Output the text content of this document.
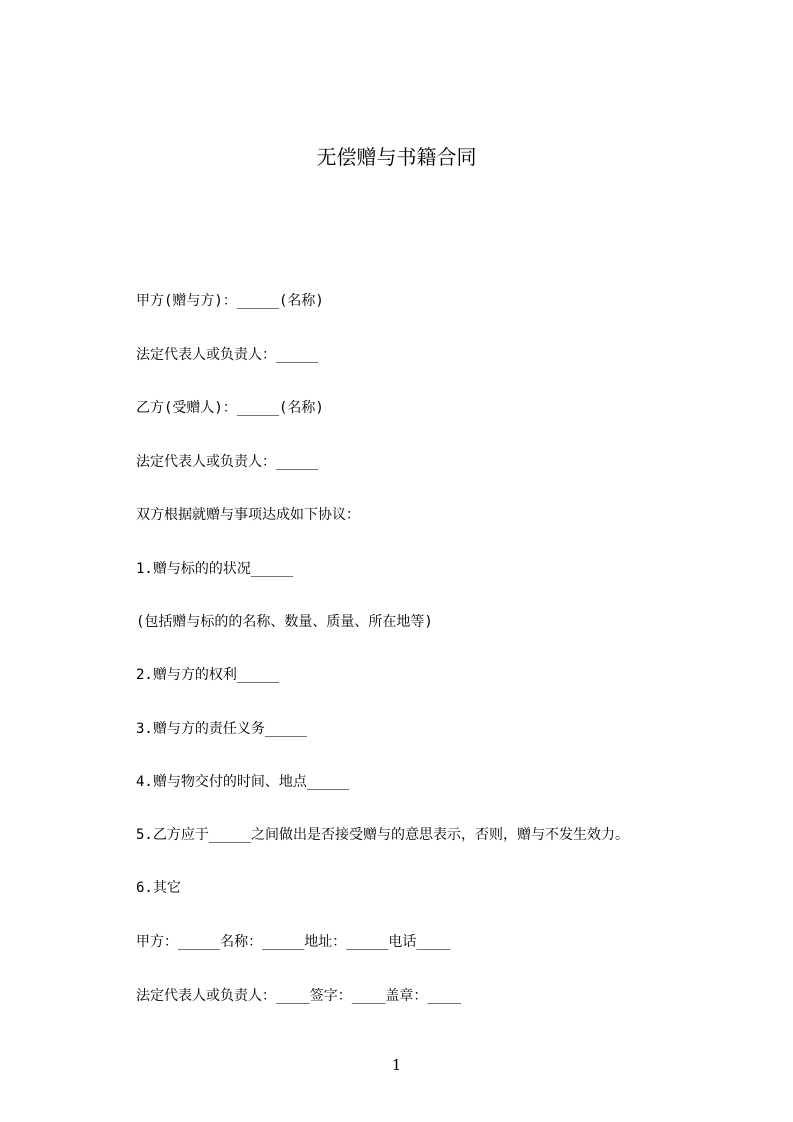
无偿赠与书籍合同
甲方(赠与方)：_____(名称)
法定代表人或负责人：_____
乙方(受赠人)：_____(名称)
法定代表人或负责人：_____
双方根据就赠与事项达成如下协议：
1.赠与标的的状况_____
(包括赠与标的的名称、数量、质量、所在地等)
2.赠与方的权利_____
3.赠与方的责任义务_____
4.赠与物交付的时间、地点_____
5.乙方应于_____之间做出是否接受赠与的意思表示，否则，赠与不发生效力。
6.其它
甲方：_____名称：_____地址：_____电话____
法定代表人或负责人：____签字：____盖章：____
1
